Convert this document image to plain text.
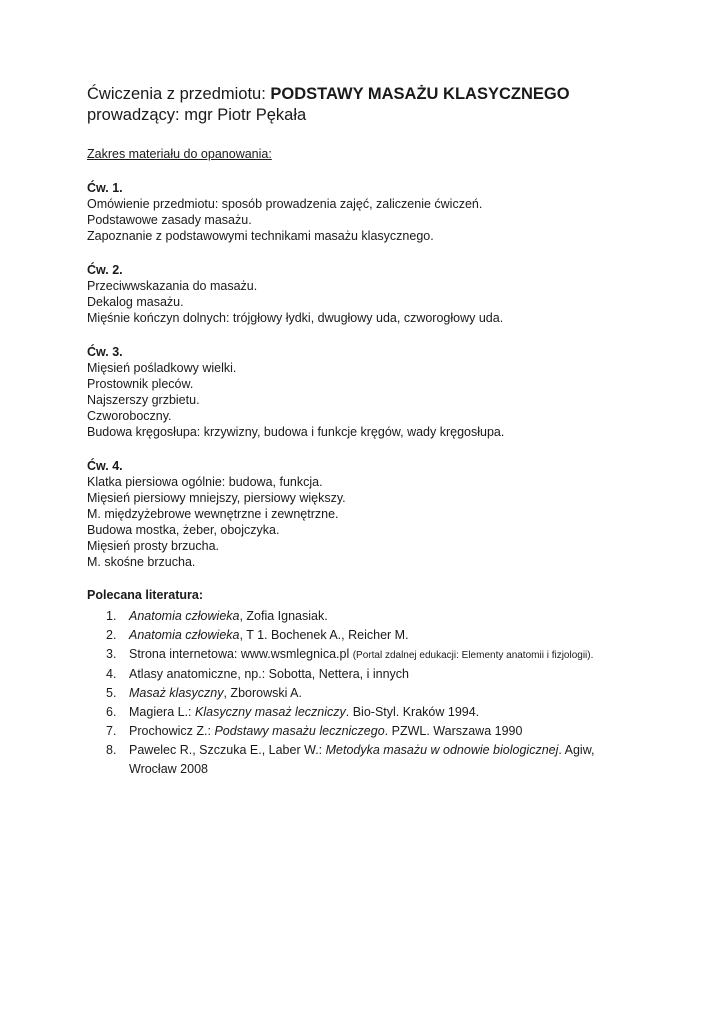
Ćwiczenia z przedmiotu: PODSTAWY MASAŻU KLASYCZNEGO

prowadzący: mgr Piotr Pękała

Zakres materiału do opanowania:
Ćw. 1.
Omówienie przedmiotu: sposób prowadzenia zajęć, zaliczenie ćwiczeń.
Podstawowe zasady masażu.
Zapoznanie z podstawowymi technikami masażu klasycznego.
Ćw. 2.
Przeciwwskazania do masażu.
Dekalog masażu.
Mięśnie kończyn dolnych: trójgłowy łydki, dwugłowy uda, czworogłowy uda.
Ćw. 3.
Mięsień pośladkowy wielki.
Prostownik pleców.
Najszerszy grzbietu.
Czworoboczny.
Budowa kręgosłupa: krzywizny, budowa i funkcje kręgów, wady kręgosłupa.
Ćw. 4.
Klatka piersiowa ogólnie: budowa, funkcja.
Mięsień piersiowy mniejszy, piersiowy większy.
M. międzyżebrowe wewnętrzne i zewnętrzne.
Budowa mostka, żeber, obojczyka.
Mięsień prosty brzucha.
M. skośne brzucha.
Polecana literatura:
1. Anatomia człowieka, Zofia Ignasiak.
2. Anatomia człowieka, T 1. Bochenek A., Reicher M.
3. Strona internetowa: www.wsmlegnica.pl (Portal zdalnej edukacji: Elementy anatomii i fizjologii).
4. Atlasy anatomiczne, np.: Sobotta, Nettera, i innych
5. Masaż klasyczny, Zborowski A.
6. Magiera L.: Klasyczny masaż leczniczy. Bio-Styl. Kraków 1994.
7. Prochowicz Z.: Podstawy masażu leczniczego. PZWL. Warszawa 1990
8. Pawelec R., Szczuka E., Laber W.: Metodyka masażu w odnowie biologicznej. Agiw, Wrocław 2008
